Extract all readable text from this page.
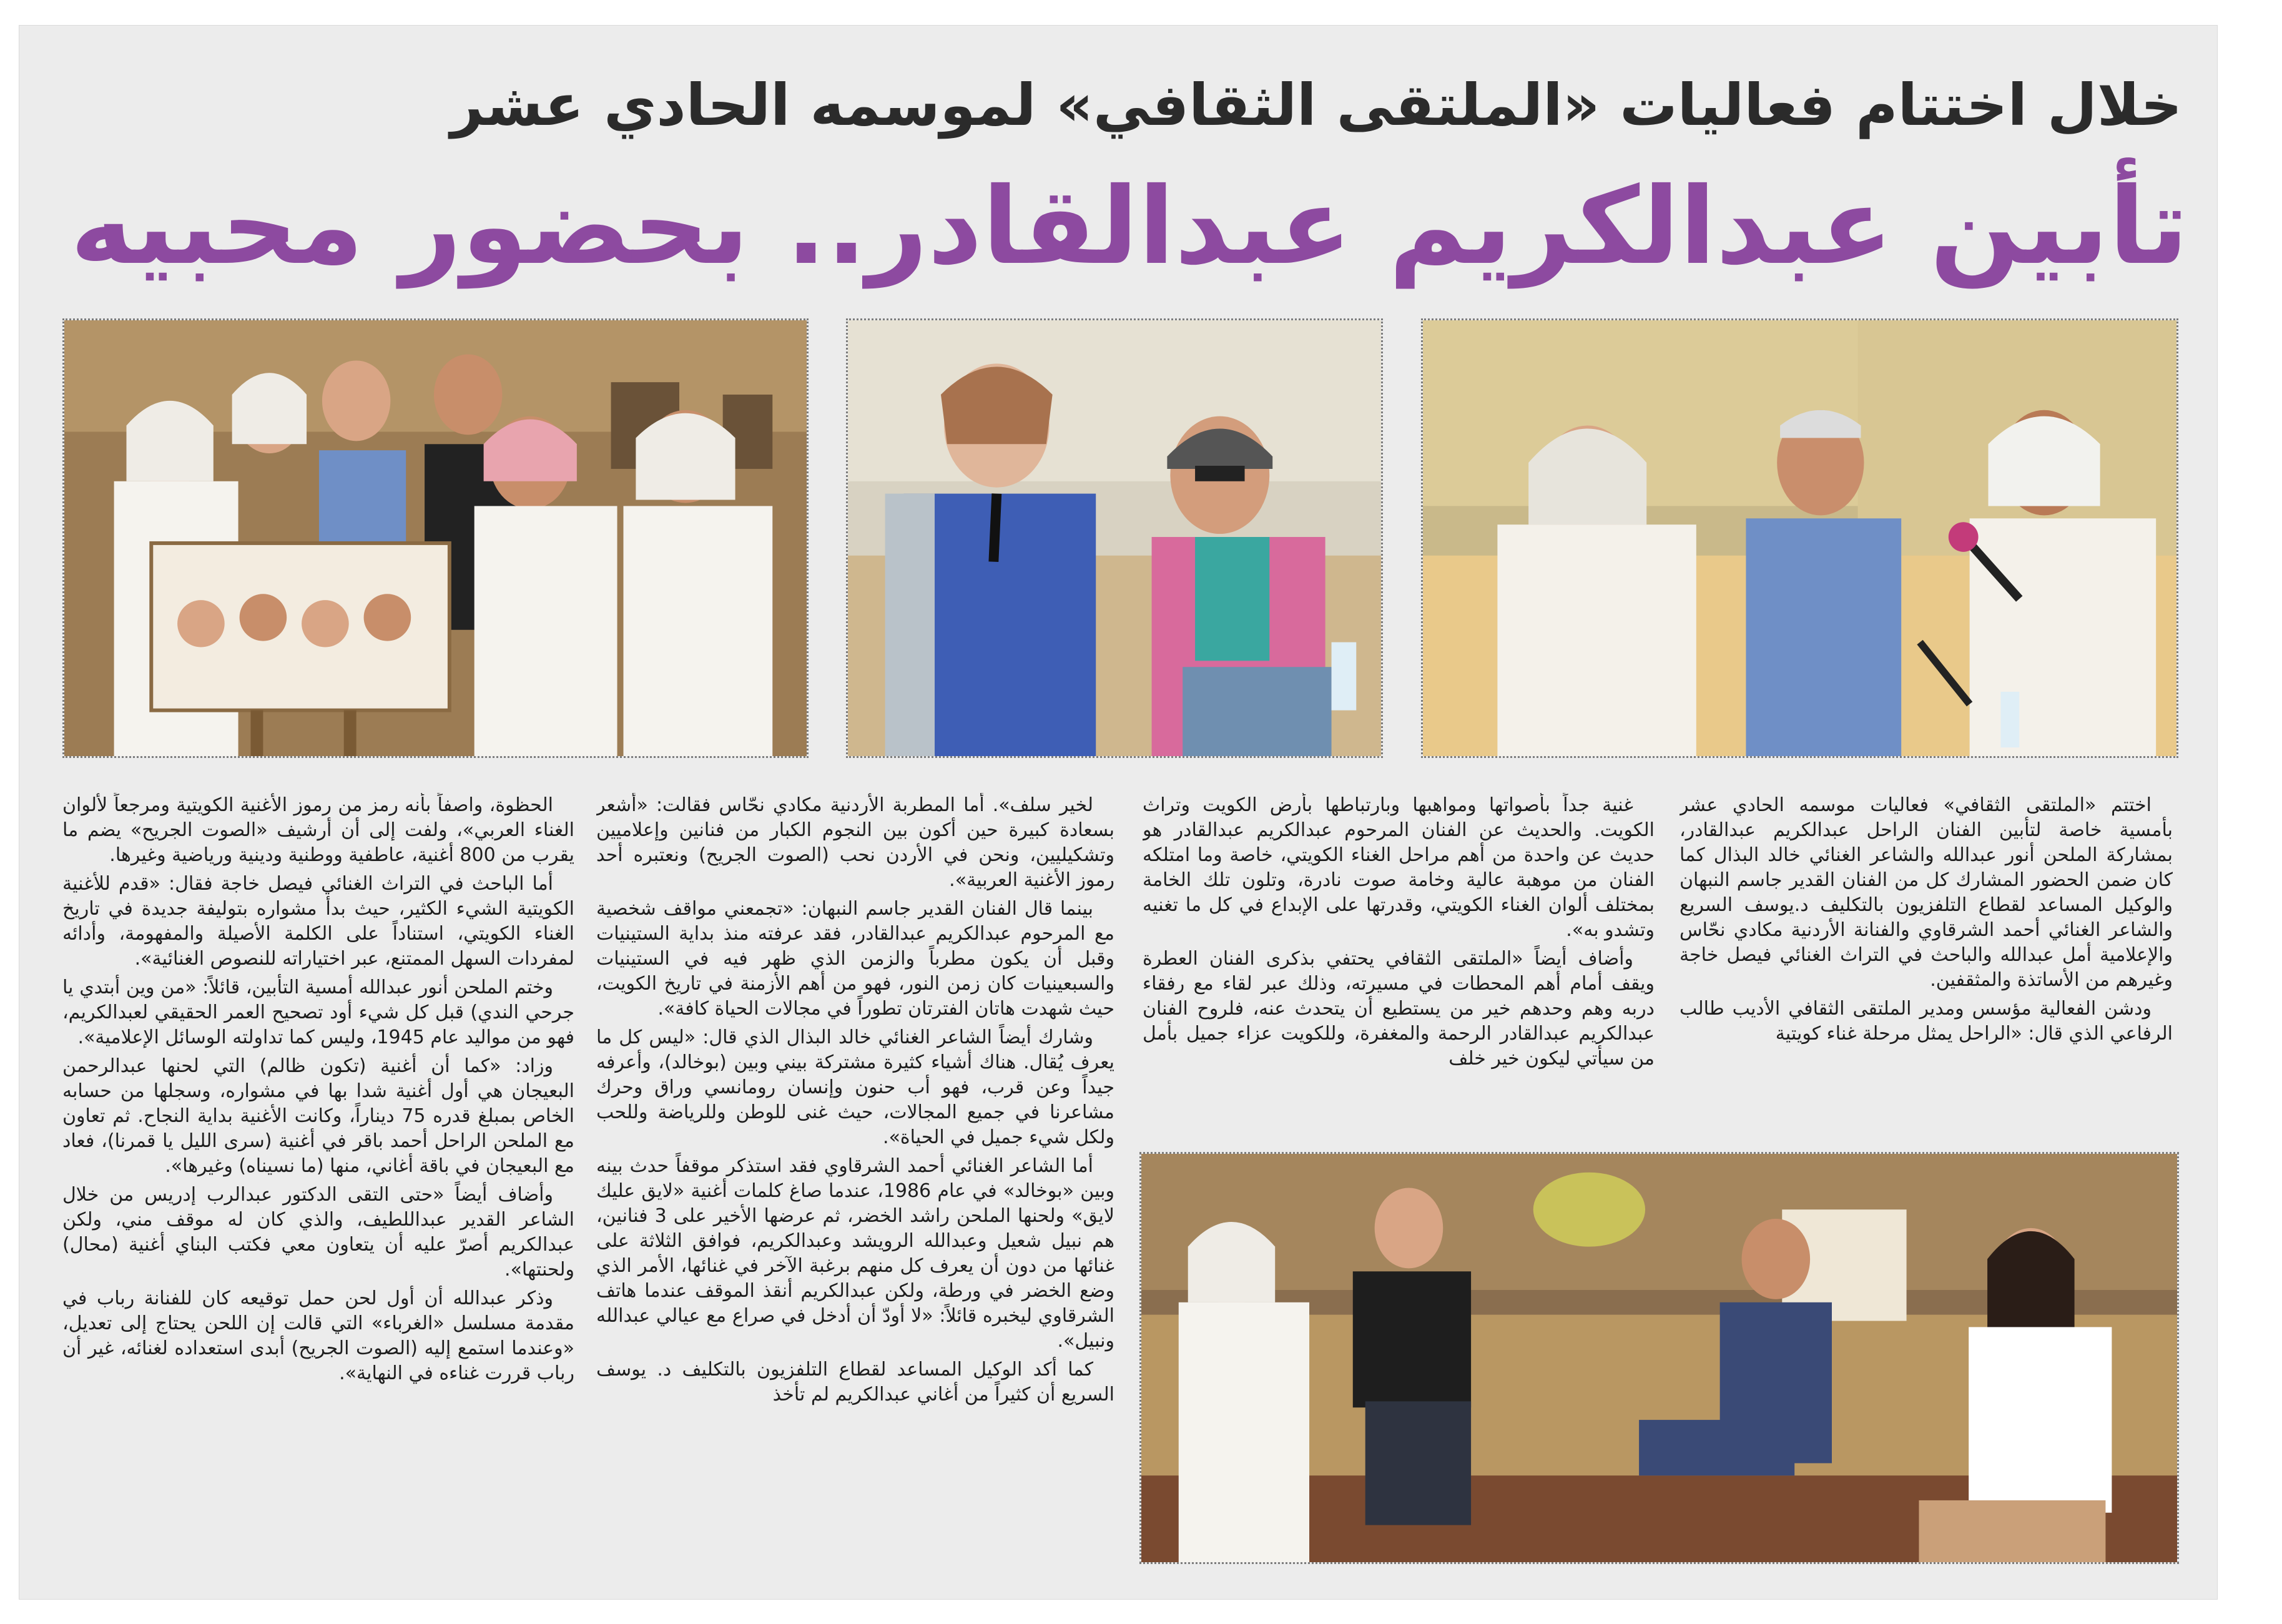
خلال اختتام فعاليات «الملتقى الثقافي» لموسمه الحادي عشر
تأبين عبدالكريم عبدالقادر.. بحضور محبيه

اختتم «الملتقى الثقافي» فعاليات موسمه الحادي عشر بأمسية خاصة لتأبين الفنان الراحل عبدالكريم عبدالقادر، بمشاركة الملحن أنور عبدالله والشاعر الغنائي خالد البذال كما كان ضمن الحضور المشارك كل من الفنان القدير جاسم النبهان والوكيل المساعد لقطاع التلفزيون بالتكليف د.يوسف السريع والشاعر الغنائي أحمد الشرقاوي والفنانة الأردنية مكادي نحّاس والإعلامية أمل عبدالله والباحث في التراث الغنائي فيصل خاجة وغيرهم من الأساتذة والمثقفين.

ودشن الفعالية مؤسس ومدير الملتقى الثقافي الأديب طالب الرفاعي الذي قال: «الراحل يمثل مرحلة غناء كويتية

غنية جداً بأصواتها ومواهبها وبارتباطها بأرض الكويت وتراث الكويت. والحديث عن الفنان المرحوم عبدالكريم عبدالقادر هو حديث عن واحدة من أهم مراحل الغناء الكويتي، خاصة وما امتلكه الفنان من موهبة عالية وخامة صوت نادرة، وتلون تلك الخامة بمختلف ألوان الغناء الكويتي، وقدرتها على الإبداع في كل ما تغنيه وتشدو به».

وأضاف أيضاً «الملتقى الثقافي يحتفي بذكرى الفنان العطرة ويقف أمام أهم المحطات في مسيرته، وذلك عبر لقاء مع رفقاء دربه وهم وحدهم خير من يستطيع أن يتحدث عنه، فلروح الفنان عبدالكريم عبدالقادر الرحمة والمغفرة، وللكويت عزاء جميل بأمل من سيأتي ليكون خير خلف

لخير سلف». أما المطربة الأردنية مكادي نحّاس فقالت: «أشعر بسعادة كبيرة حين أكون بين النجوم الكبار من فنانين وإعلاميين وتشكيليين، ونحن في الأردن نحب (الصوت الجريح) ونعتبره أحد رموز الأغنية العربية».

بينما قال الفنان القدير جاسم النبهان: «تجمعني مواقف شخصية مع المرحوم عبدالكريم عبدالقادر، فقد عرفته منذ بداية الستينيات وقبل أن يكون مطرباً والزمن الذي ظهر فيه في الستينيات والسبعينيات كان زمن النور، فهو من أهم الأزمنة في تاريخ الكويت، حيث شهدت هاتان الفترتان تطوراً في مجالات الحياة كافة».

وشارك أيضاً الشاعر الغنائي خالد البذال الذي قال: «ليس كل ما يعرف يُقال. هناك أشياء كثيرة مشتركة بيني وبين (بوخالد)، وأعرفه جيداً وعن قرب، فهو أب حنون وإنسان رومانسي وراق وحرك مشاعرنا في جميع المجالات، حيث غنى للوطن وللرياضة وللحب ولكل شيء جميل في الحياة».

أما الشاعر الغنائي أحمد الشرقاوي فقد استذكر موقفاً حدث بينه وبين «بوخالد» في عام 1986، عندما صاغ كلمات أغنية «لايق عليك لايق» ولحنها الملحن راشد الخضر، ثم عرضها الأخير على 3 فنانين، هم نبيل شعيل وعبدالله الرويشد وعبدالكريم، فوافق الثلاثة على غنائها من دون أن يعرف كل منهم برغبة الآخر في غنائها، الأمر الذي وضع الخضر في ورطة، ولكن عبدالكريم أنقذ الموقف عندما هاتف الشرقاوي ليخبره قائلاً: «لا أودّ أن أدخل في صراع مع عيالي عبدالله ونبيل».

كما أكد الوكيل المساعد لقطاع التلفزيون بالتكليف د. يوسف السريع أن كثيراً من أغاني عبدالكريم لم تأخذ

الحظوة، واصفاً بأنه رمز من رموز الأغنية الكويتية ومرجعاً لألوان الغناء العربي»، ولفت إلى أن أرشيف «الصوت الجريح» يضم ما يقرب من 800 أغنية، عاطفية ووطنية ودينية ورياضية وغيرها.

أما الباحث في التراث الغنائي فيصل خاجة فقال: «قدم للأغنية الكويتية الشيء الكثير، حيث بدأ مشواره بتوليفة جديدة في تاريخ الغناء الكويتي، استناداً على الكلمة الأصيلة والمفهومة، وأدائه لمفردات السهل الممتنع، عبر اختياراته للنصوص الغنائية».

وختم الملحن أنور عبدالله أمسية التأبين، قائلاً: «من وين أبتدي يا جرحي الندي) قبل كل شيء أود تصحيح العمر الحقيقي لعبدالكريم، فهو من مواليد عام 1945، وليس كما تداولته الوسائل الإعلامية».

وزاد: «كما أن أغنية (تكون ظالم) التي لحنها عبدالرحمن البعيجان هي أول أغنية شدا بها في مشواره، وسجلها من حسابه الخاص بمبلغ قدره 75 ديناراً، وكانت الأغنية بداية النجاح. ثم تعاون مع الملحن الراحل أحمد باقر في أغنية (سرى الليل يا قمرنا)، فعاد مع البعيجان في باقة أغاني، منها (ما نسيناه) وغيرها».

وأضاف أيضاً «حتى التقى الدكتور عبدالرب إدريس من خلال الشاعر القدير عبداللطيف، والذي كان له موقف مني، ولكن عبدالكريم أصرّ عليه أن يتعاون معي فكتب البناي أغنية (محال) ولحنتها».

وذكر عبدالله أن أول لحن حمل توقيعه كان للفنانة رباب في مقدمة مسلسل «الغرباء» التي قالت إن اللحن يحتاج إلى تعديل، «وعندما استمع إليه (الصوت الجريح) أبدى استعداده لغنائه، غير أن رباب قررت غناءه في النهاية».
